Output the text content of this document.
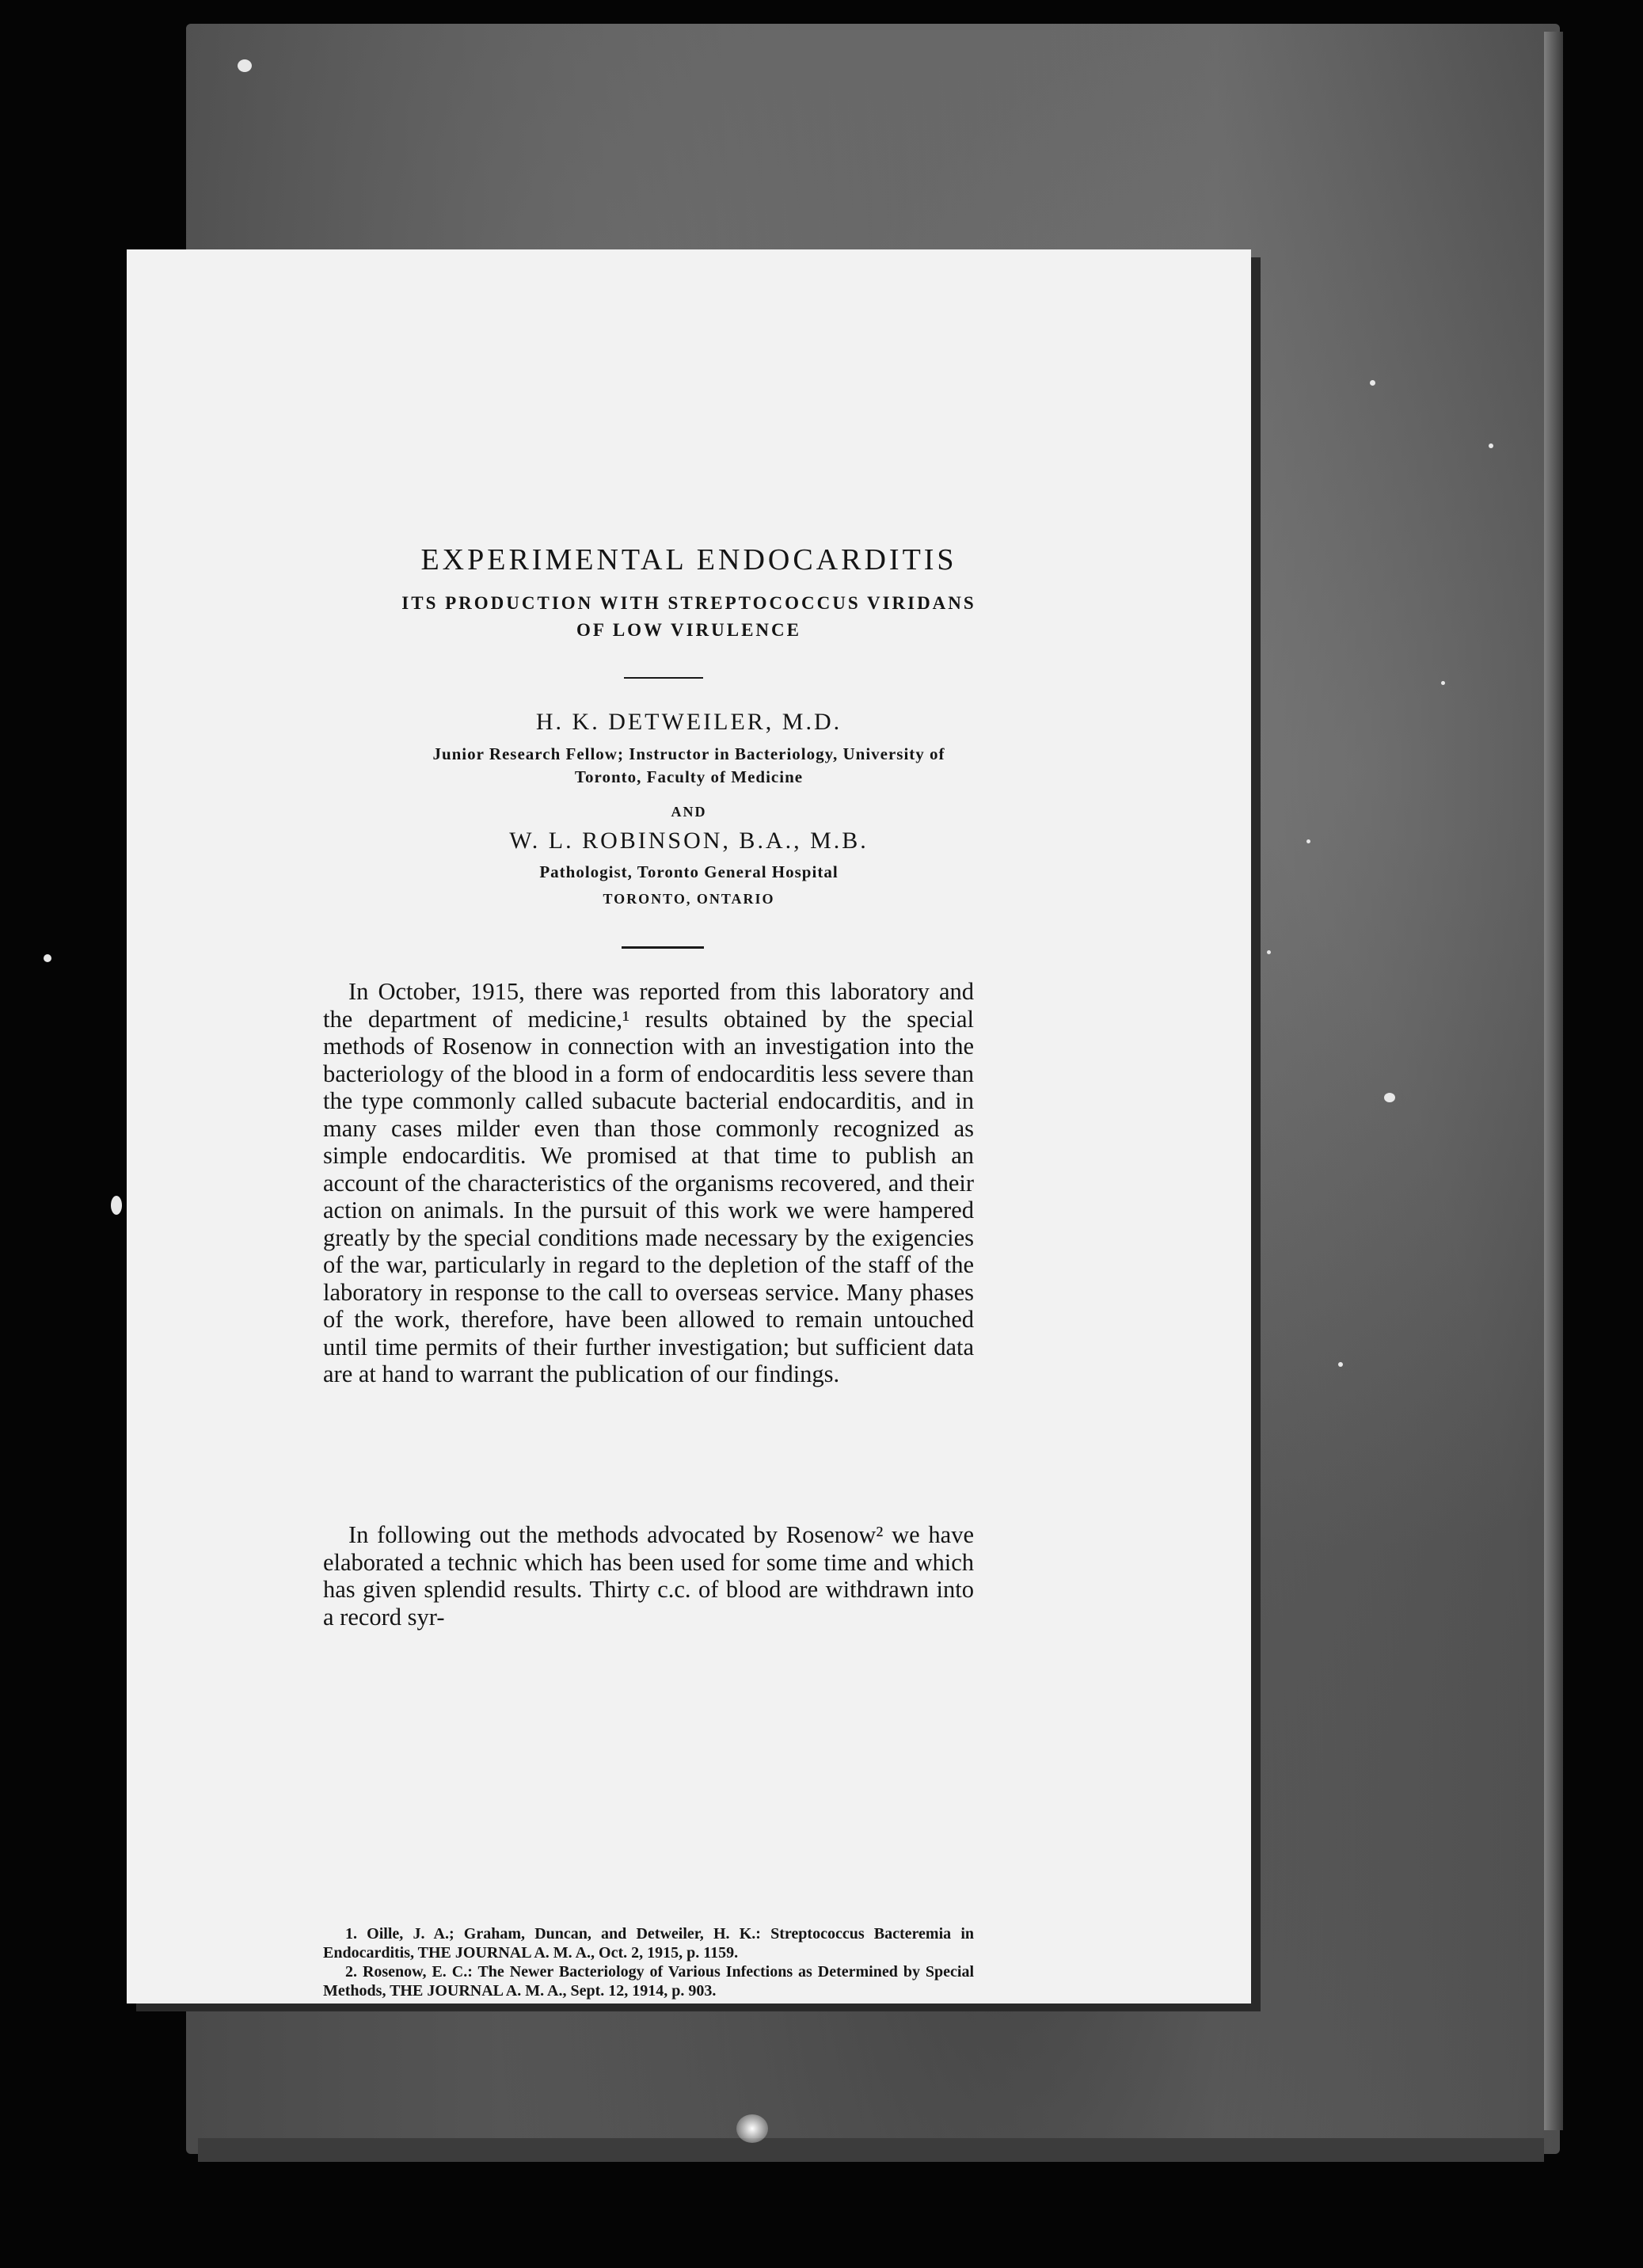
EXPERIMENTAL ENDOCARDITIS
ITS PRODUCTION WITH STREPTOCOCCUS VIRIDANS
OF LOW VIRULENCE
H. K. DETWEILER, M.D.
Junior Research Fellow; Instructor in Bacteriology, University of
Toronto, Faculty of Medicine
AND
W. L. ROBINSON, B.A., M.B.
Pathologist, Toronto General Hospital
TORONTO, ONTARIO

In October, 1915, there was reported from this laboratory and the department of medicine,¹ results obtained by the special methods of Rosenow in connection with an investigation into the bacteriology of the blood in a form of endocarditis less severe than the type commonly called subacute bacterial endocarditis, and in many cases milder even than those commonly recognized as simple endocarditis. We promised at that time to publish an account of the characteristics of the organisms recovered, and their action on animals. In the pursuit of this work we were hampered greatly by the special conditions made necessary by the exigencies of the war, particularly in regard to the depletion of the staff of the laboratory in response to the call to overseas service. Many phases of the work, therefore, have been allowed to remain untouched until time permits of their further investigation; but sufficient data are at hand to warrant the publication of our findings.

In following out the methods advocated by Rosenow² we have elaborated a technic which has been used for some time and which has given splendid results. Thirty c.c. of blood are withdrawn into a record syr-

1. Oille, J. A.; Graham, Duncan, and Detweiler, H. K.: Streptococcus Bacteremia in Endocarditis, THE JOURNAL A. M. A., Oct. 2, 1915, p. 1159.

2. Rosenow, E. C.: The Newer Bacteriology of Various Infections as Determined by Special Methods, THE JOURNAL A. M. A., Sept. 12, 1914, p. 903.
